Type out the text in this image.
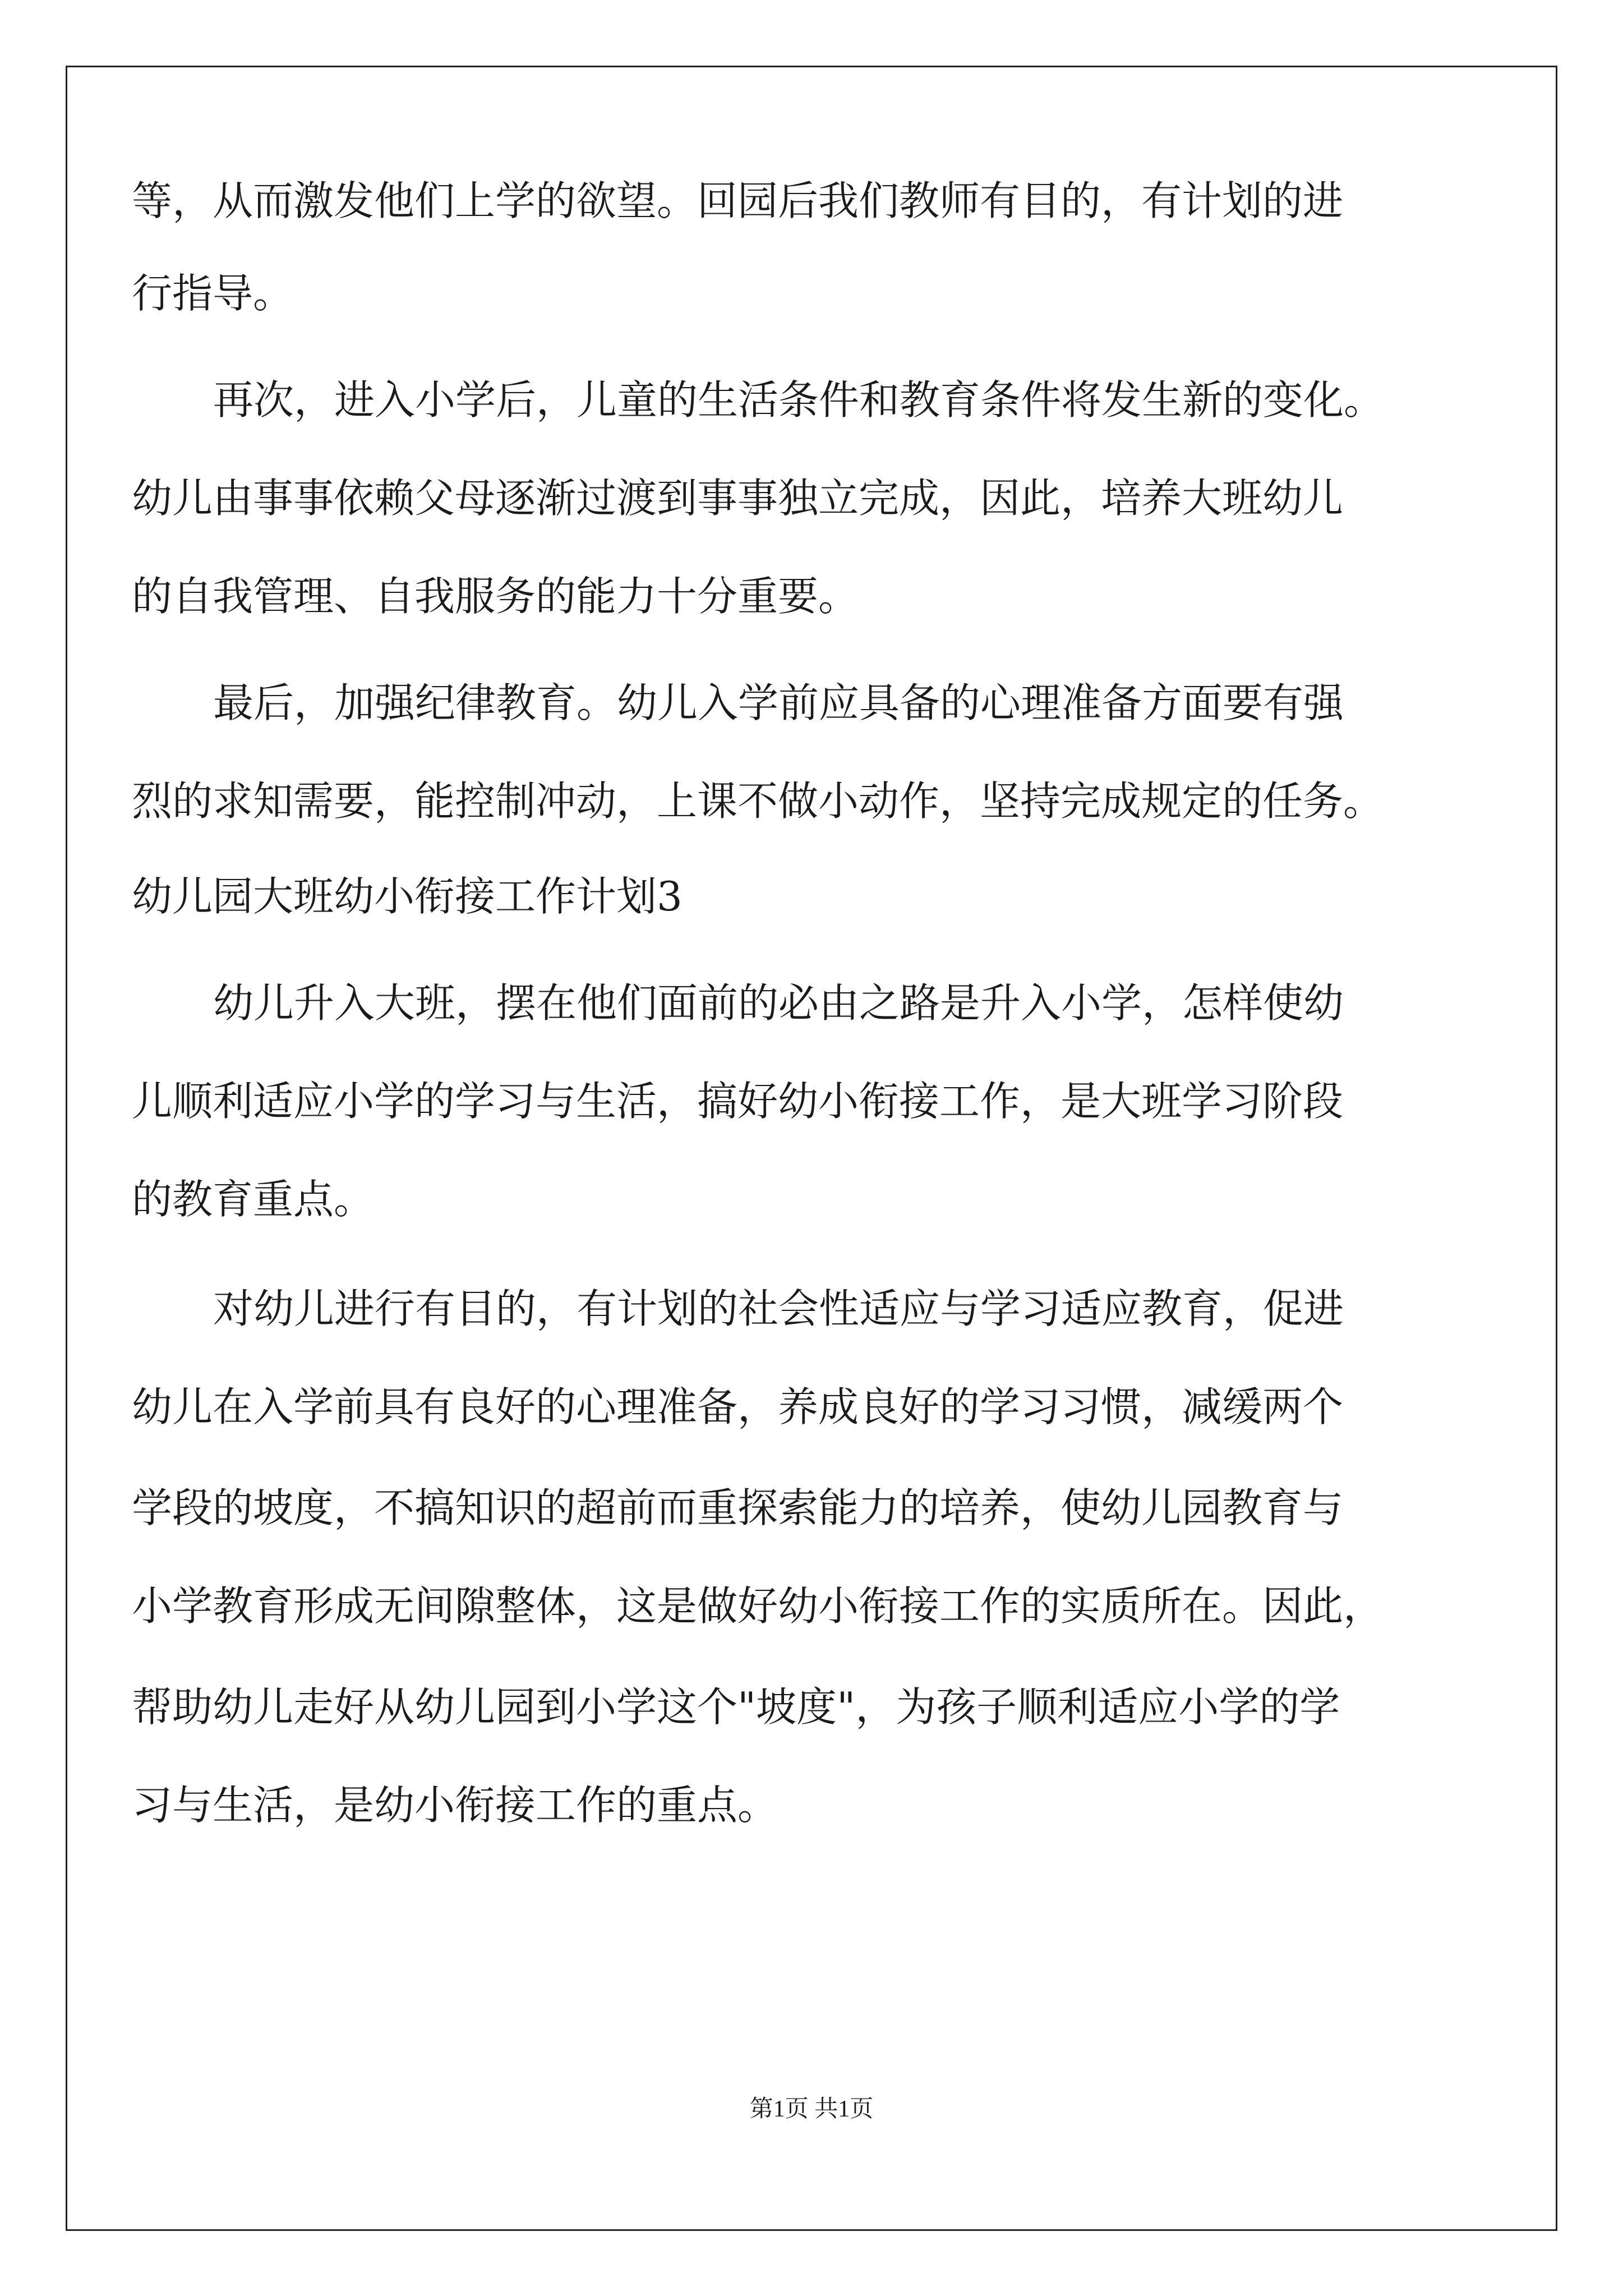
等，从而激发他们上学的欲望。回园后我们教师有目的，有计划的进
行指导。
再次，进入小学后，儿童的生活条件和教育条件将发生新的变化。
幼儿由事事依赖父母逐渐过渡到事事独立完成，因此，培养大班幼儿
的自我管理、自我服务的能力十分重要。
最后，加强纪律教育。幼儿入学前应具备的心理准备方面要有强
烈的求知需要，能控制冲动，上课不做小动作，坚持完成规定的任务。
幼儿园大班幼小衔接工作计划3
幼儿升入大班，摆在他们面前的必由之路是升入小学，怎样使幼
儿顺利适应小学的学习与生活，搞好幼小衔接工作，是大班学习阶段
的教育重点。
对幼儿进行有目的，有计划的社会性适应与学习适应教育，促进
幼儿在入学前具有良好的心理准备，养成良好的学习习惯，减缓两个
学段的坡度，不搞知识的超前而重探索能力的培养，使幼儿园教育与
小学教育形成无间隙整体，这是做好幼小衔接工作的实质所在。因此，
帮助幼儿走好从幼儿园到小学这个"坡度"，为孩子顺利适应小学的学
习与生活，是幼小衔接工作的重点。
第1页 共1页
